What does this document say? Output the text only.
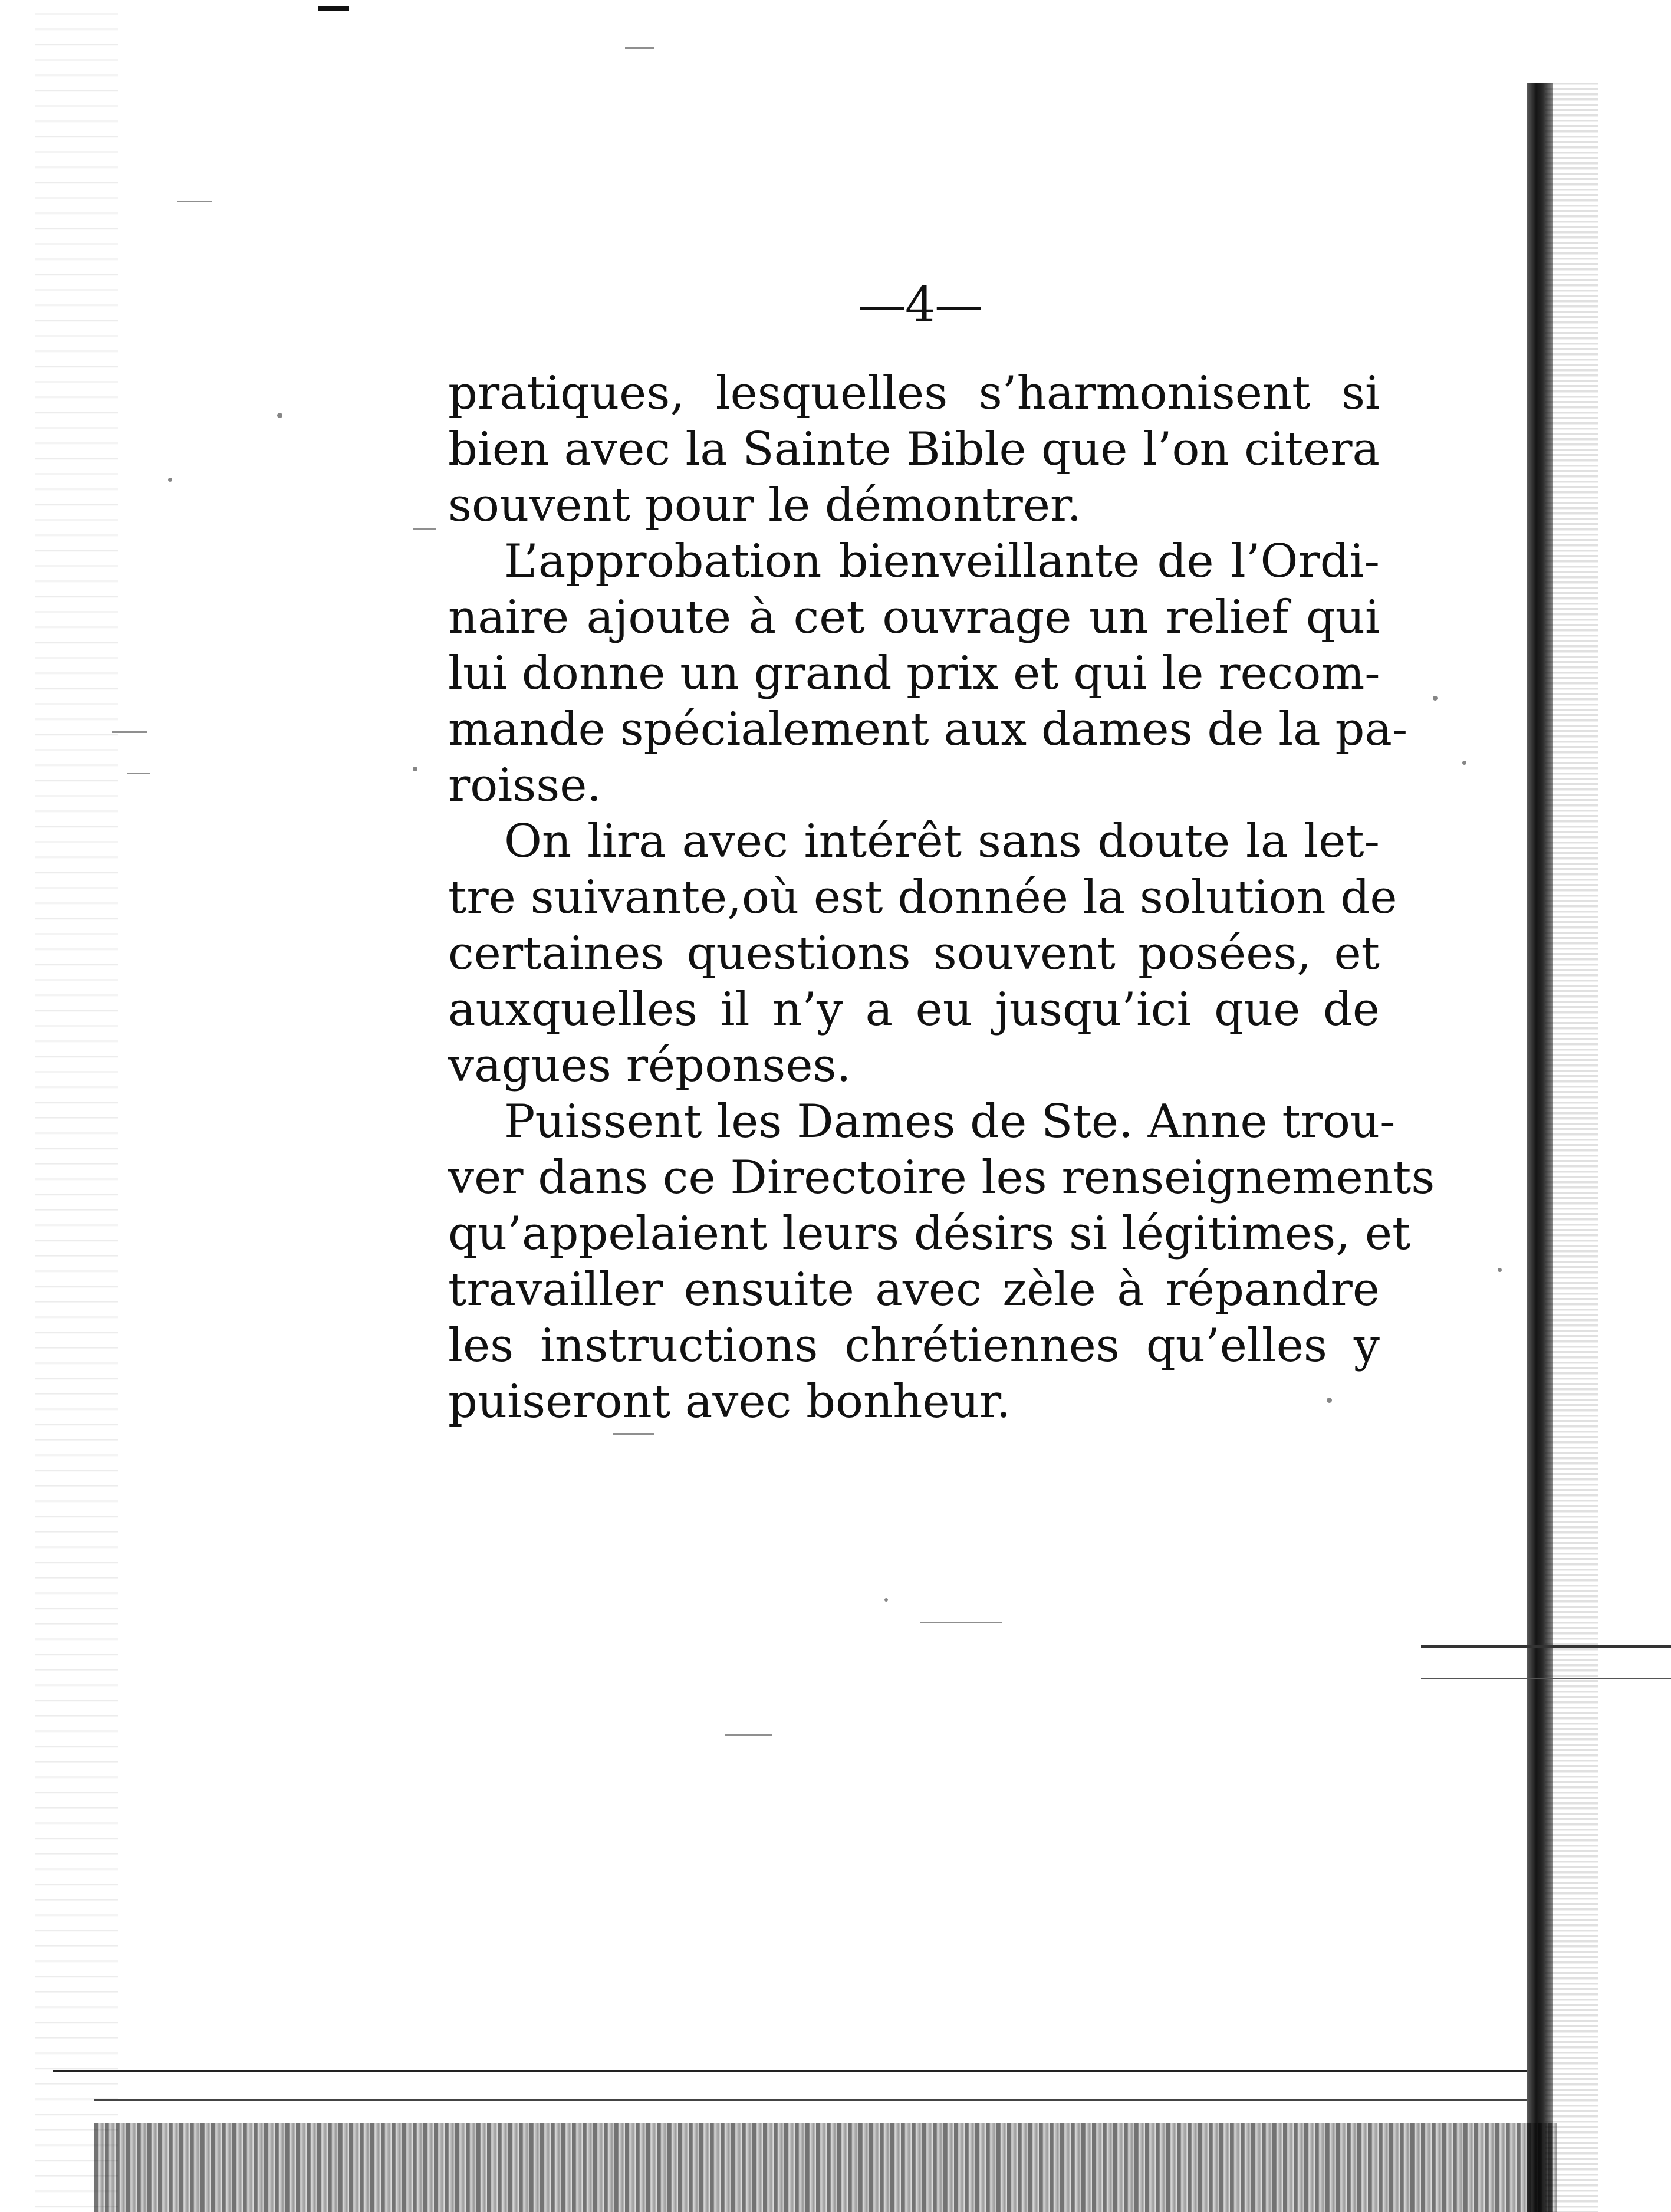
—4—
pratiques, lesquelles s’harmonisent si
bien avec la Sainte Bible que l’on citera
souvent pour le démontrer.
L’approbation bienveillante de l’Ordi-
naire ajoute à cet ouvrage un relief qui
lui donne un grand prix et qui le recom-
mande spécialement aux dames de la pa-
roisse.
On lira avec intérêt sans doute la let-
tre suivante,où est donnée la solution de
certaines questions souvent posées, et
auxquelles il n’y a eu jusqu’ici que de
vagues réponses.
Puissent les Dames de Ste. Anne trou-
ver dans ce Directoire les renseignements
qu’appelaient leurs désirs si légitimes, et
travailler ensuite avec zèle à répandre
les instructions chrétiennes qu’elles y
puiseront avec bonheur.
